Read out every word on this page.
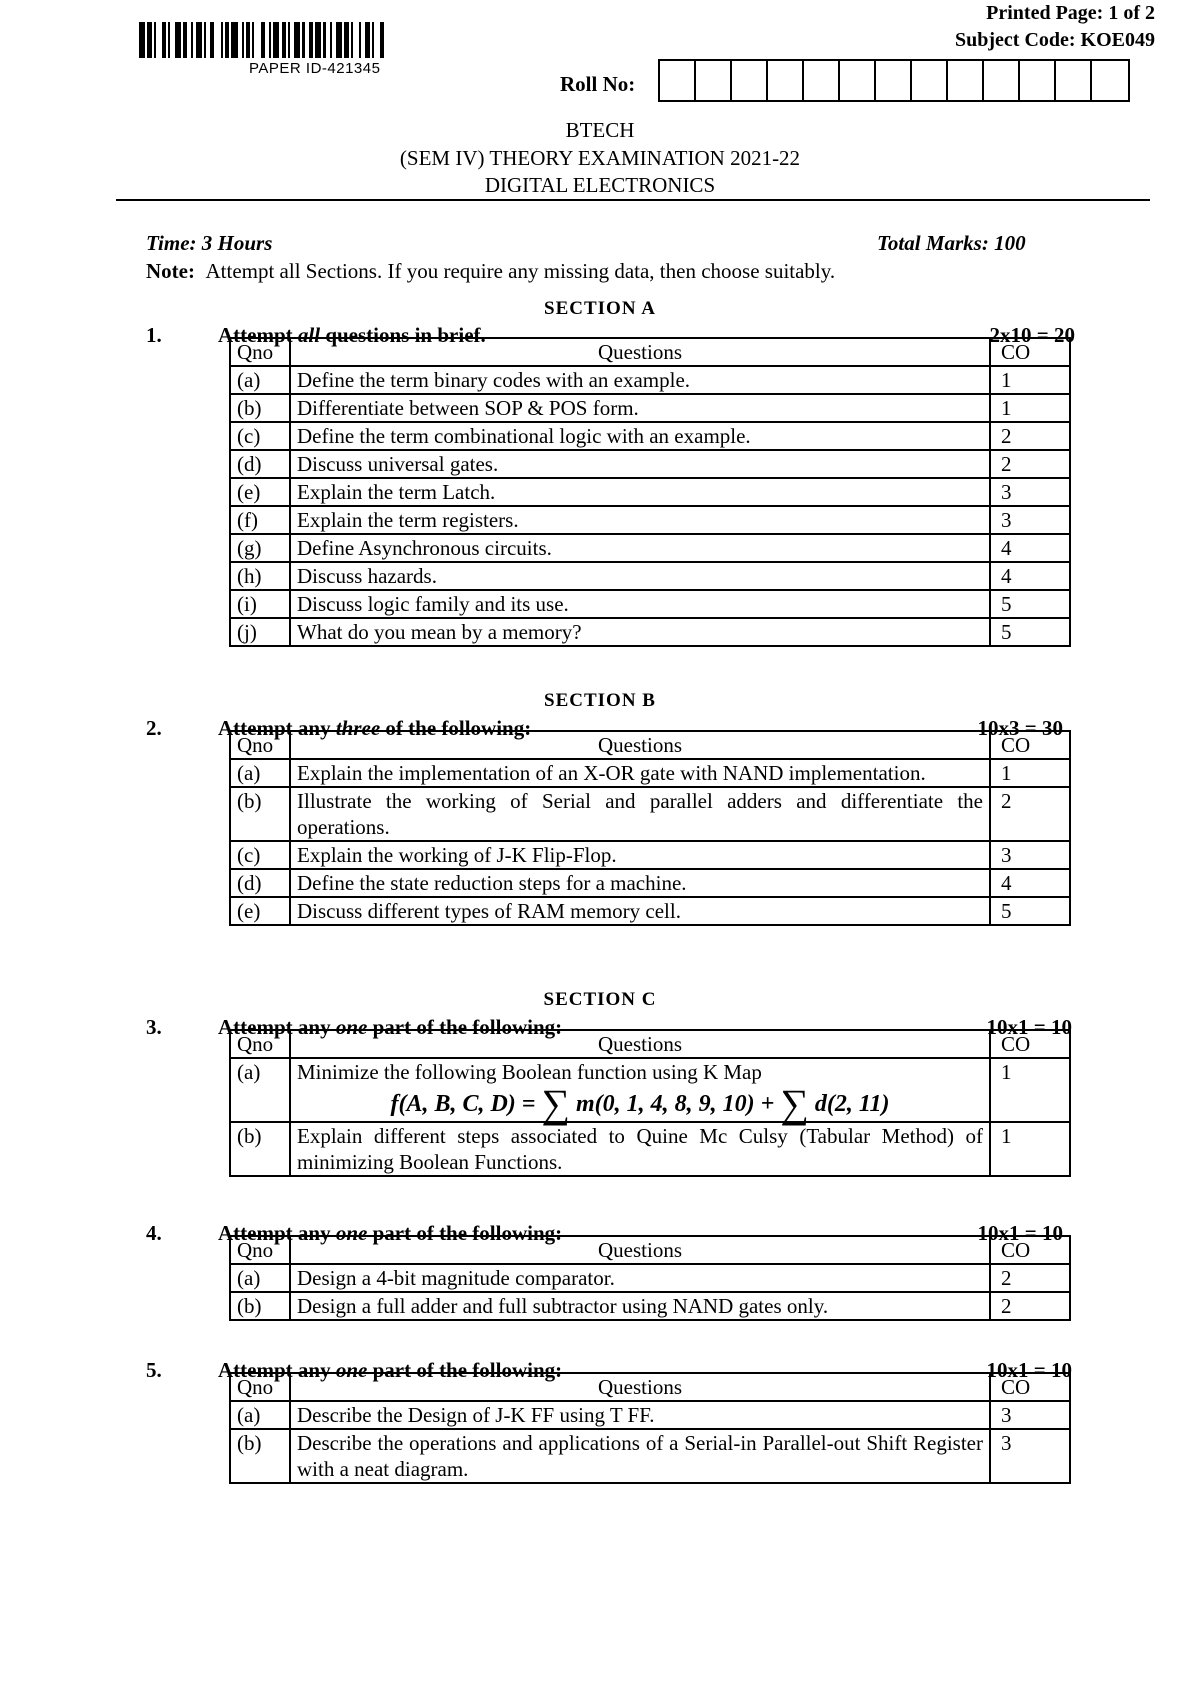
PAPER ID-421345
Printed Page: 1 of 2
Subject Code: KOE049
Roll No:
BTECH
(SEM IV) THEORY EXAMINATION 2021-22
DIGITAL ELECTRONICS
Time: 3 Hours	Total Marks: 100
Note: Attempt all Sections. If you require any missing data, then choose suitably.
SECTION A
1.	Attempt all questions in brief.	2x10 = 20
Qno	Questions	CO
(a)	Define the term binary codes with an example.	1
(b)	Differentiate between SOP & POS form.	1
(c)	Define the term combinational logic with an example.	2
(d)	Discuss universal gates.	2
(e)	Explain the term Latch.	3
(f)	Explain the term registers.	3
(g)	Define Asynchronous circuits.	4
(h)	Discuss hazards.	4
(i)	Discuss logic family and its use.	5
(j)	What do you mean by a memory?	5
SECTION B
2.	Attempt any three of the following:	10x3 = 30
Qno	Questions	CO
(a)	Explain the implementation of an X-OR gate with NAND implementation.	1
(b)	Illustrate the working of Serial and parallel adders and differentiate the operations.	2
(c)	Explain the working of J-K Flip-Flop.	3
(d)	Define the state reduction steps for a machine.	4
(e)	Discuss different types of RAM memory cell.	5
SECTION C
3.	Attempt any one part of the following:	10x1 = 10
Qno	Questions	CO
(a)	Minimize the following Boolean function using K Map
f(A, B, C, D) = ∑ m(0, 1, 4, 8, 9, 10) + ∑ d(2, 11)	1
(b)	Explain different steps associated to Quine Mc Culsy (Tabular Method) of minimizing Boolean Functions.	1
4.	Attempt any one part of the following:	10x1 = 10
Qno	Questions	CO
(a)	Design a 4-bit magnitude comparator.	2
(b)	Design a full adder and full subtractor using NAND gates only.	2
5.	Attempt any one part of the following:	10x1 = 10
Qno	Questions	CO
(a)	Describe the Design of J-K FF using T FF.	3
(b)	Describe the operations and applications of a Serial-in Parallel-out Shift Register with a neat diagram.	3
